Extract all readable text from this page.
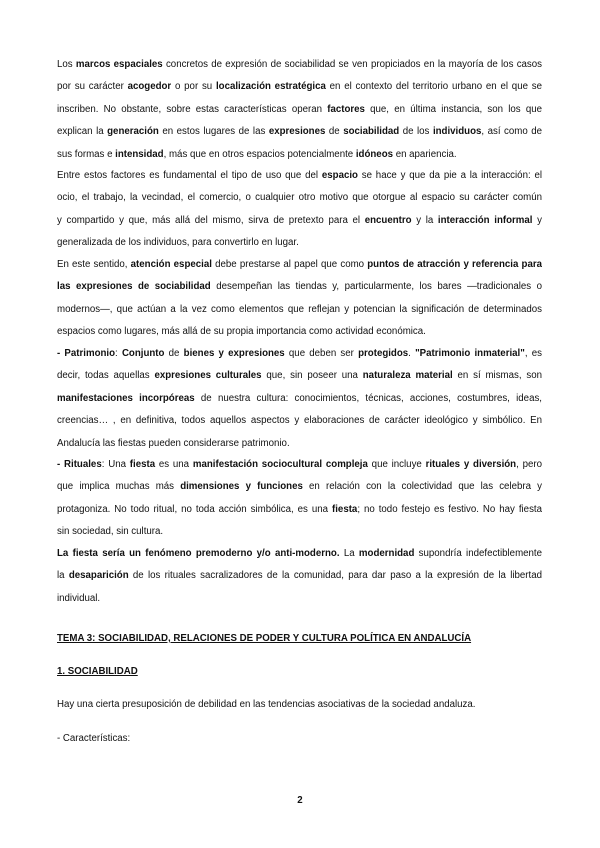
Los marcos espaciales concretos de expresión de sociabilidad se ven propiciados en la mayoría de los casos
por su carácter acogedor o por su localización estratégica en el contexto del territorio urbano en el que se
inscriben. No obstante, sobre estas características operan factores que, en última instancia, son los que
explican la generación en estos lugares de las expresiones de sociabilidad de los individuos, así como de
sus formas e intensidad, más que en otros espacios potencialmente idóneos en apariencia.
Entre estos factores es fundamental el tipo de uso que del espacio se hace y que da pie a la interacción: el
ocio, el trabajo, la vecindad, el comercio, o cualquier otro motivo que otorgue al espacio su carácter común
y compartido y que, más allá del mismo, sirva de pretexto para el encuentro y la interacción informal y
generalizada de los individuos, para convertirlo en lugar.
En este sentido, atención especial debe prestarse al papel que como puntos de atracción y referencia para
las expresiones de sociabilidad desempeñan las tiendas y, particularmente, los bares —tradicionales o
modernos—, que actúan a la vez como elementos que reflejan y potencian la significación de determinados
espacios como lugares, más allá de su propia importancia como actividad económica.
- Patrimonio: Conjunto de bienes y expresiones que deben ser protegidos. "Patrimonio inmaterial", es
decir, todas aquellas expresiones culturales que, sin poseer una naturaleza material en sí mismas, son
manifestaciones incorpóreas de nuestra cultura: conocimientos, técnicas, acciones, costumbres, ideas,
creencias… , en definitiva, todos aquellos aspectos y elaboraciones de carácter ideológico y simbólico. En
Andalucía las fiestas pueden considerarse patrimonio.
- Rituales: Una fiesta es una manifestación sociocultural compleja que incluye rituales y diversión, pero
que implica muchas más dimensiones y funciones en relación con la colectividad que las celebra y
protagoniza. No todo ritual, no toda acción simbólica, es una fiesta; no todo festejo es festivo. No hay fiesta
sin sociedad, sin cultura.
La fiesta sería un fenómeno premoderno y/o anti-moderno. La modernidad supondría indefectiblemente
la desaparición de los rituales sacralizadores de la comunidad, para dar paso a la expresión de la libertad
individual.
TEMA 3: SOCIABILIDAD, RELACIONES DE PODER Y CULTURA POLÍTICA EN ANDALUCÍA
1. SOCIABILIDAD
Hay una cierta presuposición de debilidad en las tendencias asociativas de la sociedad andaluza.
- Características:
2
